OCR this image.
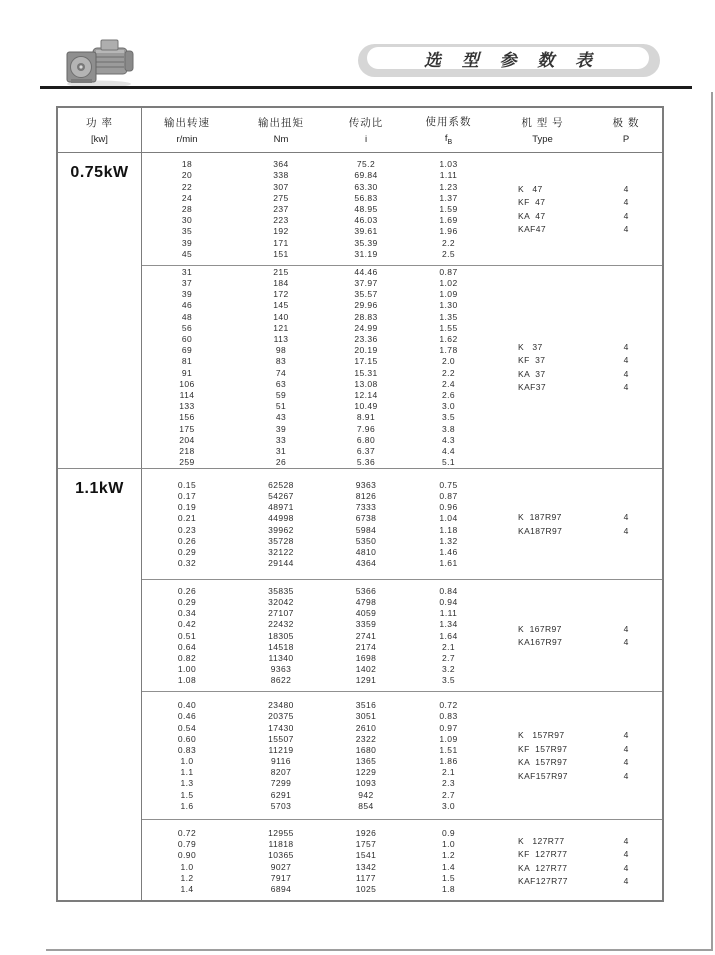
选 型 参 数 表
功 率
[kw]
输出转速
r/min
输出扭矩
Nm
传动比
i
使用系数
$f_B$
机 型 号
Type
极 数
P
0.75kW	18	364	75.2	1.03
20	338	69.84	1.11
22	307	63.30	1.23
24	275	56.83	1.37
28	237	48.95	1.59
30	223	46.03	1.69
35	192	39.61	1.96
39	171	35.39	2.2
45	151	31.19	2.5
K   47	4
KF  47	4
KA  47	4
KAF47	4
31	215	44.46	0.87
37	184	37.97	1.02
39	172	35.57	1.09
46	145	29.96	1.30
48	140	28.83	1.35
56	121	24.99	1.55
60	113	23.36	1.62
69	98	20.19	1.78
81	83	17.15	2.0
91	74	15.31	2.2
106	63	13.08	2.4
114	59	12.14	2.6
133	51	10.49	3.0
156	43	8.91	3.5
175	39	7.96	3.8
204	33	6.80	4.3
218	31	6.37	4.4
259	26	5.36	5.1
K   37	4
KF  37	4
KA  37	4
KAF37	4
1.1kW	0.15	62528	9363	0.75
0.17	54267	8126	0.87
0.19	48971	7333	0.96
0.21	44998	6738	1.04
0.23	39962	5984	1.18
0.26	35728	5350	1.32
0.29	32122	4810	1.46
0.32	29144	4364	1.61
K  187R97	4
KA187R97	4
0.26	35835	5366	0.84
0.29	32042	4798	0.94
0.34	27107	4059	1.11
0.42	22432	3359	1.34
0.51	18305	2741	1.64
0.64	14518	2174	2.1
0.82	11340	1698	2.7
1.00	9363	1402	3.2
1.08	8622	1291	3.5
K  167R97	4
KA167R97	4
0.40	23480	3516	0.72
0.46	20375	3051	0.83
0.54	17430	2610	0.97
0.60	15507	2322	1.09
0.83	11219	1680	1.51
1.0	9116	1365	1.86
1.1	8207	1229	2.1
1.3	7299	1093	2.3
1.5	6291	942	2.7
1.6	5703	854	3.0
K   157R97	4
KF  157R97	4
KA  157R97	4
KAF157R97	4
0.72	12955	1926	0.9
0.79	11818	1757	1.0
0.90	10365	1541	1.2
1.0	9027	1342	1.4
1.2	7917	1177	1.5
1.4	6894	1025	1.8
K   127R77	4
KF  127R77	4
KA  127R77	4
KAF127R77	4
